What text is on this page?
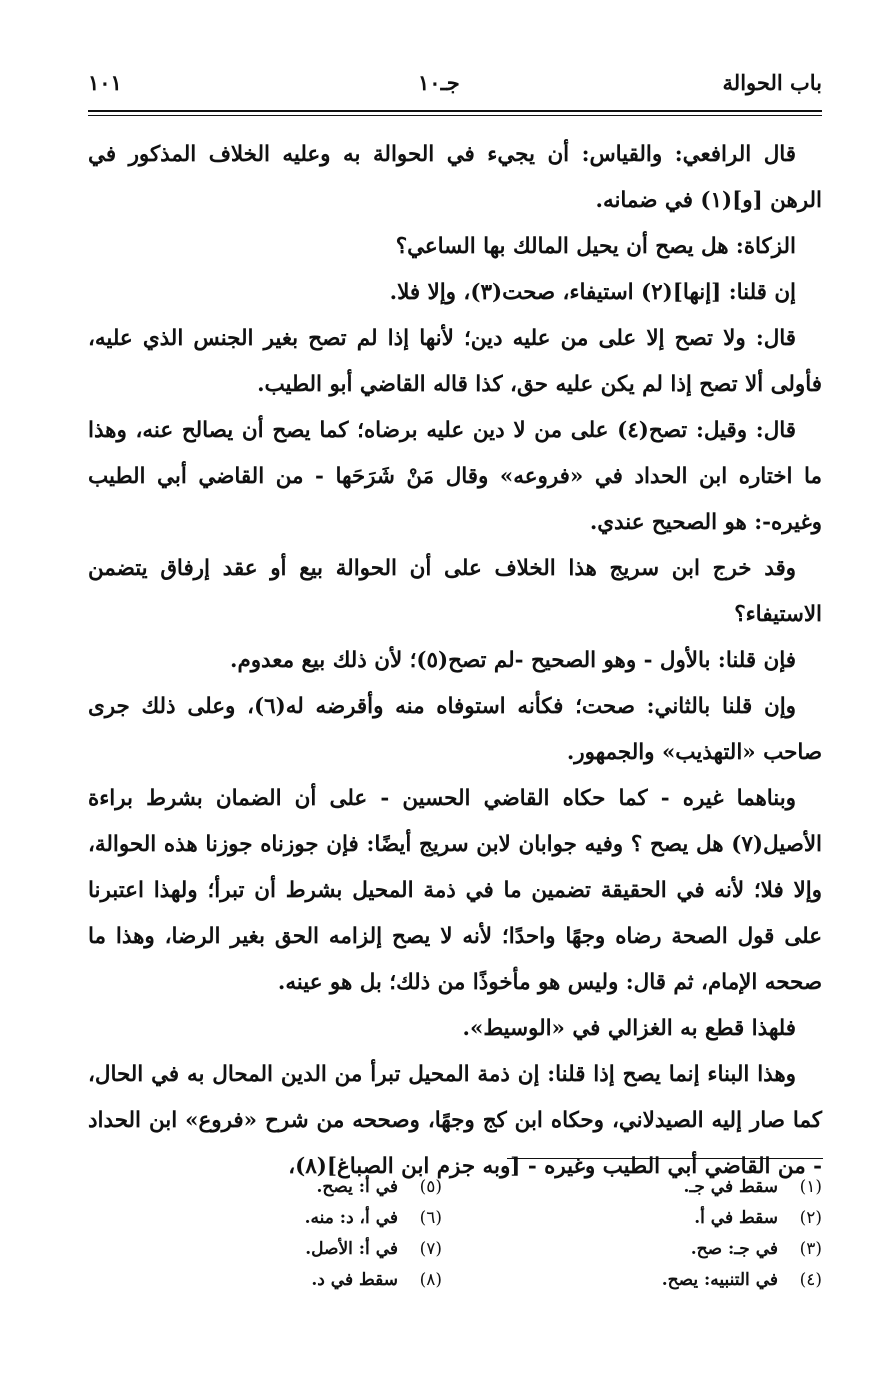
باب الحوالة
جـ١٠
١٠١

قال الرافعي: والقياس: أن يجيء في الحوالة به وعليه الخلاف المذكور في الرهن [و](١) في ضمانه.

الزكاة: هل يصح أن يحيل المالك بها الساعي؟

إن قلنا: [إنها](٢) استيفاء، صحت(٣)، وإلا فلا.

قال: ولا تصح إلا على من عليه دين؛ لأنها إذا لم تصح بغير الجنس الذي عليه، فأولى ألا تصح إذا لم يكن عليه حق، كذا قاله القاضي أبو الطيب.

قال: وقيل: تصح(٤) على من لا دين عليه برضاه؛ كما يصح أن يصالح عنه، وهذا ما اختاره ابن الحداد في «فروعه» وقال مَنْ شَرَحَها - من القاضي أبي الطيب وغيره-: هو الصحيح عندي.

وقد خرج ابن سريج هذا الخلاف على أن الحوالة بيع أو عقد إرفاق يتضمن الاستيفاء؟

فإن قلنا: بالأول - وهو الصحيح -لم تصح(٥)؛ لأن ذلك بيع معدوم.

وإن قلنا بالثاني: صحت؛ فكأنه استوفاه منه وأقرضه له(٦)، وعلى ذلك جرى صاحب «التهذيب» والجمهور.

وبناهما غيره - كما حكاه القاضي الحسين - على أن الضمان بشرط براءة الأصيل(٧) هل يصح ؟ وفيه جوابان لابن سريج أيضًا: فإن جوزناه جوزنا هذه الحوالة، وإلا فلا؛ لأنه في الحقيقة تضمين ما في ذمة المحيل بشرط أن تبرأ؛ ولهذا اعتبرنا على قول الصحة رضاه وجهًا واحدًا؛ لأنه لا يصح إلزامه الحق بغير الرضا، وهذا ما صححه الإمام، ثم قال: وليس هو مأخوذًا من ذلك؛ بل هو عينه.

فلهذا قطع به الغزالي في «الوسيط».

وهذا البناء إنما يصح إذا قلنا: إن ذمة المحيل تبرأ من الدين المحال به في الحال، كما صار إليه الصيدلاني، وحكاه ابن كج وجهًا، وصححه من شرح «فروع» ابن الحداد - من القاضي أبي الطيب وغيره - [وبه جزم ابن الصباغ](٨)،

(١)سقط في جـ.
(٢)سقط في أ.
(٣)في جـ: صح.
(٤)في التنبيه: يصح.
(٥)في أ: يصح.
(٦)في أ، د: منه.
(٧)في أ: الأصل.
(٨)سقط في د.
